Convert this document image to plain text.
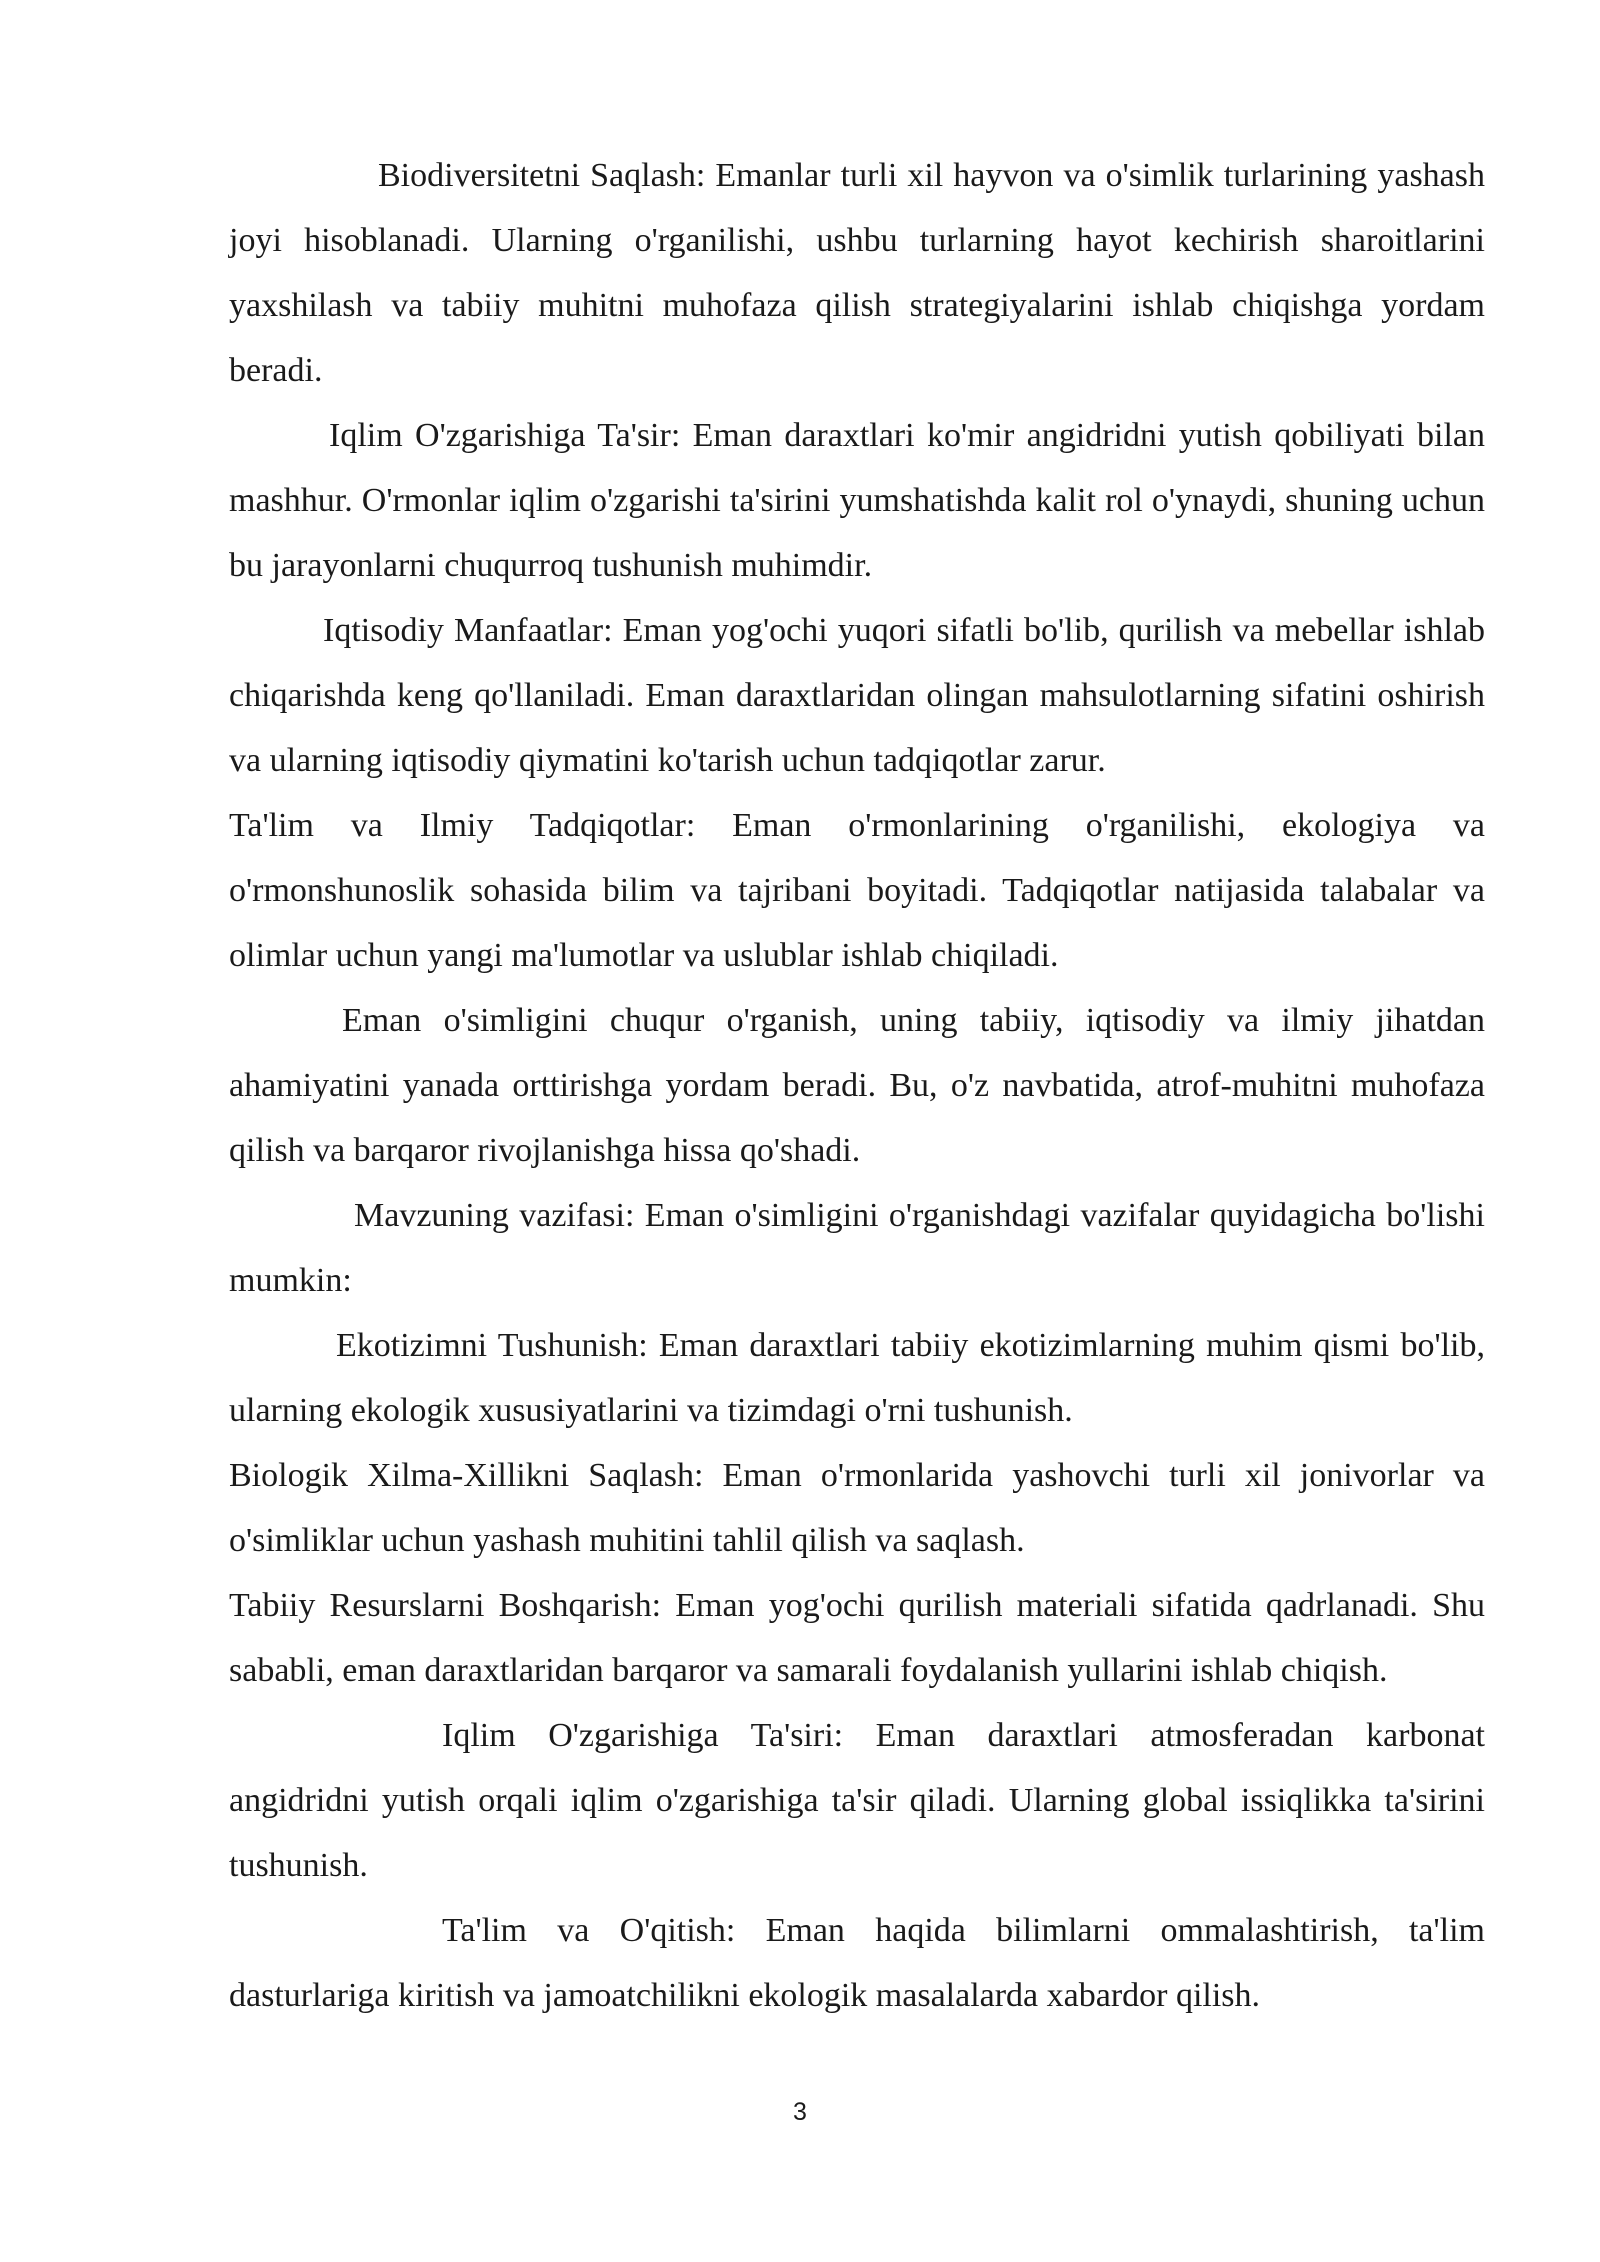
Biodiversitetni Saqlash: Emanlar turli xil hayvon va o'simlik turlarining yashash joyi hisoblanadi. Ularning o'rganilishi, ushbu turlarning hayot kechirish sharoitlarini yaxshilash va tabiiy muhitni muhofaza qilish strategiyalarini ishlab chiqishga yordam beradi.

Iqlim O'zgarishiga Ta'sir: Eman daraxtlari ko'mir angidridni yutish qobiliyati bilan mashhur. O'rmonlar iqlim o'zgarishi ta'sirini yumshatishda kalit rol o'ynaydi, shuning uchun bu jarayonlarni chuqurroq tushunish muhimdir.

Iqtisodiy Manfaatlar: Eman yog'ochi yuqori sifatli bo'lib, qurilish va mebellar ishlab chiqarishda keng qo'llaniladi. Eman daraxtlaridan olingan mahsulotlarning sifatini oshirish va ularning iqtisodiy qiymatini ko'tarish uchun tadqiqotlar zarur.

Ta'lim va Ilmiy Tadqiqotlar: Eman o'rmonlarining o'rganilishi, ekologiya va o'rmonshunoslik sohasida bilim va tajribani boyitadi. Tadqiqotlar natijasida talabalar va olimlar uchun yangi ma'lumotlar va uslublar ishlab chiqiladi.

Eman o'simligini chuqur o'rganish, uning tabiiy, iqtisodiy va ilmiy jihatdan ahamiyatini yanada orttirishga yordam beradi. Bu, o'z navbatida, atrof-muhitni muhofaza qilish va barqaror rivojlanishga hissa qo'shadi.

Mavzuning vazifasi: Eman o'simligini o'rganishdagi vazifalar quyidagicha bo'lishi mumkin:

Ekotizimni Tushunish: Eman daraxtlari tabiiy ekotizimlarning muhim qismi bo'lib, ularning ekologik xususiyatlarini va tizimdagi o'rni tushunish.

Biologik Xilma-Xillikni Saqlash: Eman o'rmonlarida yashovchi turli xil jonivorlar va o'simliklar uchun yashash muhitini tahlil qilish va saqlash.

Tabiiy Resurslarni Boshqarish: Eman yog'ochi qurilish materiali sifatida qadrlanadi. Shu sababli, eman daraxtlaridan barqaror va samarali foydalanish yullarini ishlab chiqish.

Iqlim O'zgarishiga Ta'siri: Eman daraxtlari atmosferadan karbonat angidridni yutish orqali iqlim o'zgarishiga ta'sir qiladi. Ularning global issiqlikka ta'sirini tushunish.

Ta'lim va O'qitish: Eman haqida bilimlarni ommalashtirish, ta'lim dasturlariga kiritish va jamoatchilikni ekologik masalalarda xabardor qilish.

3
